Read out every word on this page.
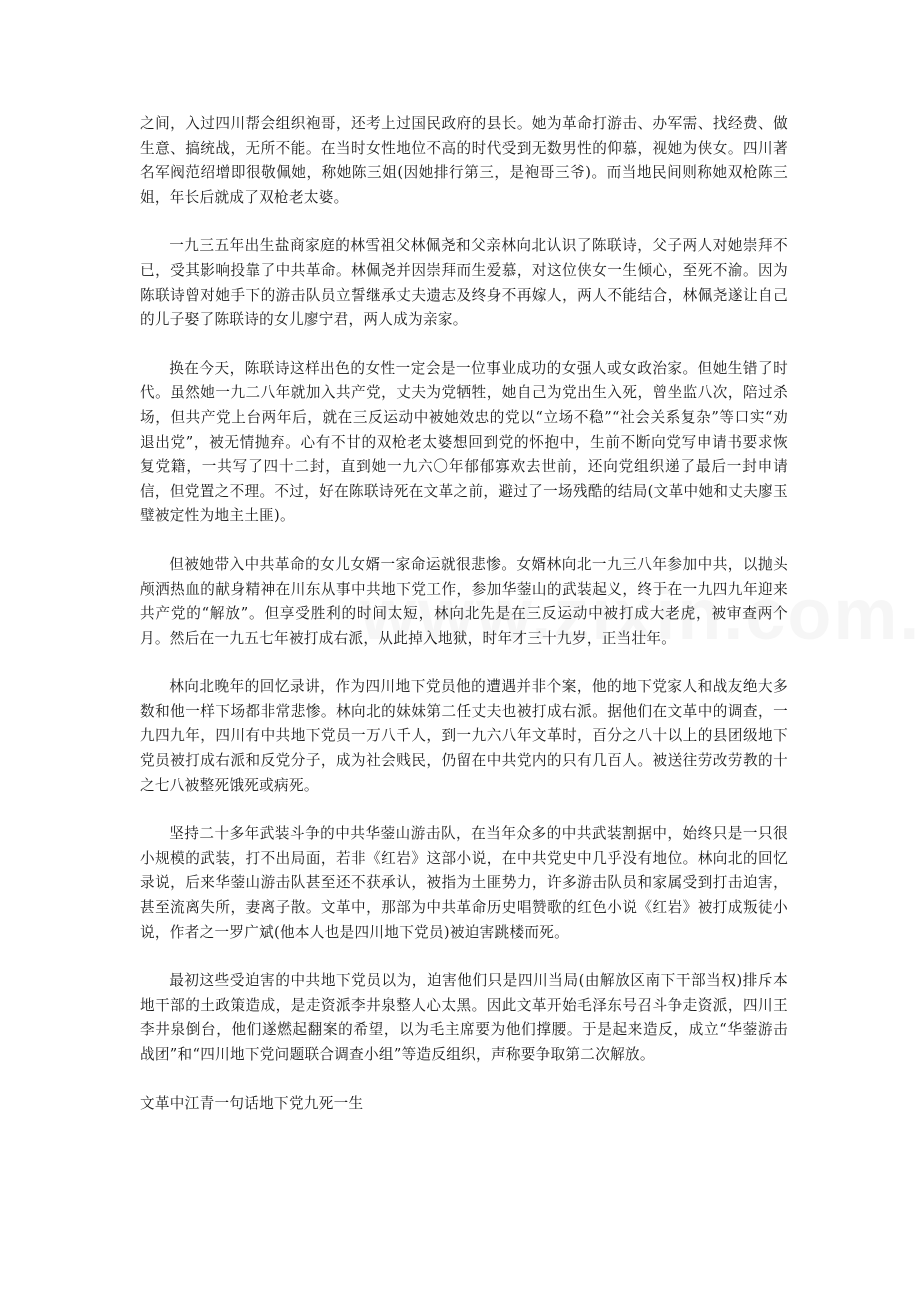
之间，入过四川帮会组织袍哥，还考上过国民政府的县长。她为革命打游击、办军需、找经费、做生意、搞统战，无所不能。在当时女性地位不高的时代受到无数男性的仰慕，视她为侠女。四川著名军阀范绍增即很敬佩她，称她陈三姐(因她排行第三，是袍哥三爷)。而当地民间则称她双枪陈三姐，年长后就成了双枪老太婆。

一九三五年出生盐商家庭的林雪祖父林佩尧和父亲林向北认识了陈联诗，父子两人对她崇拜不已，受其影响投靠了中共革命。林佩尧并因崇拜而生爱慕，对这位侠女一生倾心，至死不渝。因为陈联诗曾对她手下的游击队员立誓继承丈夫遗志及终身不再嫁人，两人不能结合，林佩尧遂让自己的儿子娶了陈联诗的女儿廖宁君，两人成为亲家。

换在今天，陈联诗这样出色的女性一定会是一位事业成功的女强人或女政治家。但她生错了时代。虽然她一九二八年就加入共产党，丈夫为党牺牲，她自己为党出生入死，曾坐监八次，陪过杀场，但共产党上台两年后，就在三反运动中被她效忠的党以“立场不稳”“社会关系复杂”等口实“劝退出党”，被无情抛弃。心有不甘的双枪老太婆想回到党的怀抱中，生前不断向党写申请书要求恢复党籍，一共写了四十二封，直到她一九六〇年郁郁寡欢去世前，还向党组织递了最后一封申请信，但党置之不理。不过，好在陈联诗死在文革之前，避过了一场残酷的结局(文革中她和丈夫廖玉璧被定性为地主土匪)。

但被她带入中共革命的女儿女婿一家命运就很悲惨。女婿林向北一九三八年参加中共，以抛头颅洒热血的献身精神在川东从事中共地下党工作，参加华蓥山的武装起义，终于在一九四九年迎来共产党的“解放”。但享受胜利的时间太短，林向北先是在三反运动中被打成大老虎，被审查两个月。然后在一九五七年被打成右派，从此掉入地狱，时年才三十九岁，正当壮年。

林向北晚年的回忆录讲，作为四川地下党员他的遭遇并非个案，他的地下党家人和战友绝大多数和他一样下场都非常悲惨。林向北的妹妹第二任丈夫也被打成右派。据他们在文革中的调查，一九四九年，四川有中共地下党员一万八千人，到一九六八年文革时，百分之八十以上的县团级地下党员被打成右派和反党分子，成为社会贱民，仍留在中共党内的只有几百人。被送往劳改劳教的十之七八被整死饿死或病死。

坚持二十多年武装斗争的中共华蓥山游击队，在当年众多的中共武装割据中，始终只是一只很小规模的武装，打不出局面，若非《红岩》这部小说，在中共党史中几乎没有地位。林向北的回忆录说，后来华蓥山游击队甚至还不获承认，被指为土匪势力，许多游击队员和家属受到打击迫害，甚至流离失所，妻离子散。文革中，那部为中共革命历史唱赞歌的红色小说《红岩》被打成叛徒小说，作者之一罗广斌(他本人也是四川地下党员)被迫害跳楼而死。

最初这些受迫害的中共地下党员以为，迫害他们只是四川当局(由解放区南下干部当权)排斥本地干部的土政策造成，是走资派李井泉整人心太黑。因此文革开始毛泽东号召斗争走资派，四川王李井泉倒台，他们遂燃起翻案的希望，以为毛主席要为他们撑腰。于是起来造反，成立“华蓥游击战团”和“四川地下党问题联合调查小组”等造反组织，声称要争取第二次解放。

文革中江青一句话地下党九死一生
